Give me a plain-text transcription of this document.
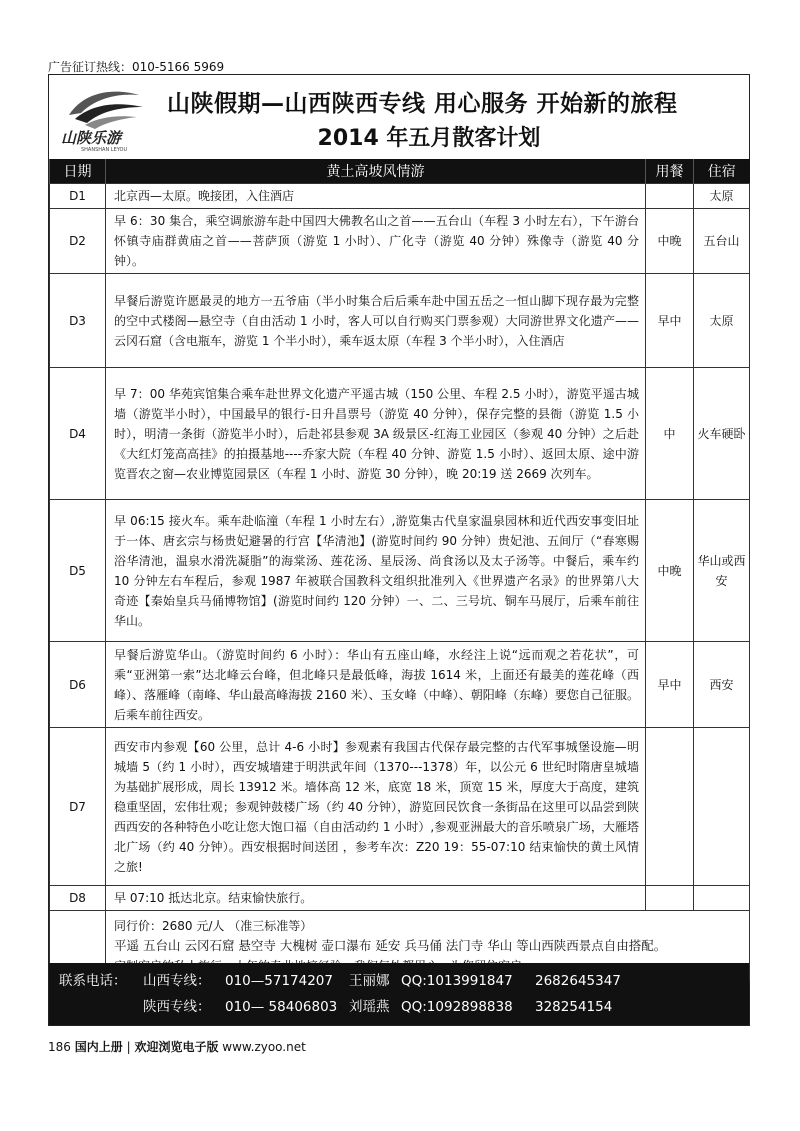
广告征订热线：010-5166 5969
山陕乐游
SHANSHAN LEYOU
山陕假期—山西陕西专线 用心服务 开始新的旅程
2014 年五月散客计划
日期	黄土高坡风情游	用餐	住宿
D1	北京西—太原。晚接团，入住酒店		太原
D2	早 6：30 集合，乘空调旅游车赴中国四大佛教名山之首——五台山（车程 3 小时左右），下午游台怀镇寺庙群黄庙之首——菩萨顶（游览 1 小时）、广化寺（游览 40 分钟）殊像寺（游览 40 分钟）。	中晚	五台山
D3	早餐后游览许愿最灵的地方一五爷庙（半小时集合后后乘车赴中国五岳之一恒山脚下现存最为完整的空中式楼阁—悬空寺（自由活动 1 小时，客人可以自行购买门票参观）大同游世界文化遗产——云冈石窟（含电瓶车，游览 1 个半小时），乘车返太原（车程 3 个半小时），入住酒店	早中	太原
D4	早 7：00 华苑宾馆集合乘车赴世界文化遗产平遥古城（150 公里、车程 2.5 小时），游览平遥古城墙（游览半小时），中国最早的银行-日升昌票号（游览 40 分钟），保存完整的县衙（游览 1.5 小时），明清一条街（游览半小时），后赴祁县参观 3A 级景区-红海工业园区（参观 40 分钟）之后赴《大红灯笼高高挂》的拍摄基地----乔家大院（车程 40 分钟、游览 1.5 小时）、返回太原、途中游览晋农之窗—农业博览园景区（车程 1 小时、游览 30 分钟），晚 20:19 送 2669 次列车。	中	火车硬卧
D5	早 06:15 接火车。乘车赴临潼（车程 1 小时左右）,游览集古代皇家温泉园林和近代西安事变旧址于一体、唐玄宗与杨贵妃避暑的行宫【华清池】(游览时间约 90 分钟）贵妃池、五间厅（“春寒赐浴华清池，温泉水滑洗凝脂”的海棠汤、莲花汤、星辰汤、尚食汤以及太子汤等。中餐后，乘车约 10 分钟左右车程后，参观 1987 年被联合国教科文组织批准列入《世界遗产名录》的世界第八大奇迹【秦始皇兵马俑博物馆】(游览时间约 120 分钟）一、二、三号坑、铜车马展厅，后乘车前往华山。	中晚	华山或西安
D6	早餐后游览华山。（游览时间约 6 小时）：华山有五座山峰，水经注上说“远而观之若花状”，可乘“亚洲第一索”达北峰云台峰，但北峰只是最低峰，海拔 1614 米，上面还有最美的莲花峰（西峰）、落雁峰（南峰、华山最高峰海拔 2160 米）、玉女峰（中峰）、朝阳峰（东峰）要您自己征服。后乘车前往西安。	早中	西安
D7	西安市内参观【60 公里，总计 4-6 小时】参观素有我国古代保存最完整的古代军事城堡设施—明城墙 5（约 1 小时），西安城墙建于明洪武年间（1370---1378）年，以公元 6 世纪时隋唐皇城墙为基础扩展形成，周长 13912 米。墙体高 12 米，底宽 18 米，顶宽 15 米，厚度大于高度，建筑稳重坚固，宏伟壮观；参观钟鼓楼广场（约 40 分钟），游览回民饮食一条街品在这里可以品尝到陕西西安的各种特色小吃让您大饱口福（自由活动约 1 小时）,参观亚洲最大的音乐喷泉广场，大雁塔北广场（约 40 分钟）。西安根据时间送团 ，参考车次：Z20 19：55-07:10 结束愉快的黄土风情之旅!		
D8	早 07:10 抵达北京。结束愉快旅行。		

	同行价：2680 元/人 （准三标准等）
平遥 五台山 云冈石窟 悬空寺 大槐树 壶口瀑布 延安 兵马俑 法门寺 华山 等山西陕西景点自由搭配。		
联系电话： 山西专线： 010—57174207 王丽娜 QQ:1013991847 2682645347
陕西专线： 010— 58406803 刘瑶燕 QQ:1092898838 328254154
186 国内上册 | 欢迎浏览电子版 www.zyoo.net
